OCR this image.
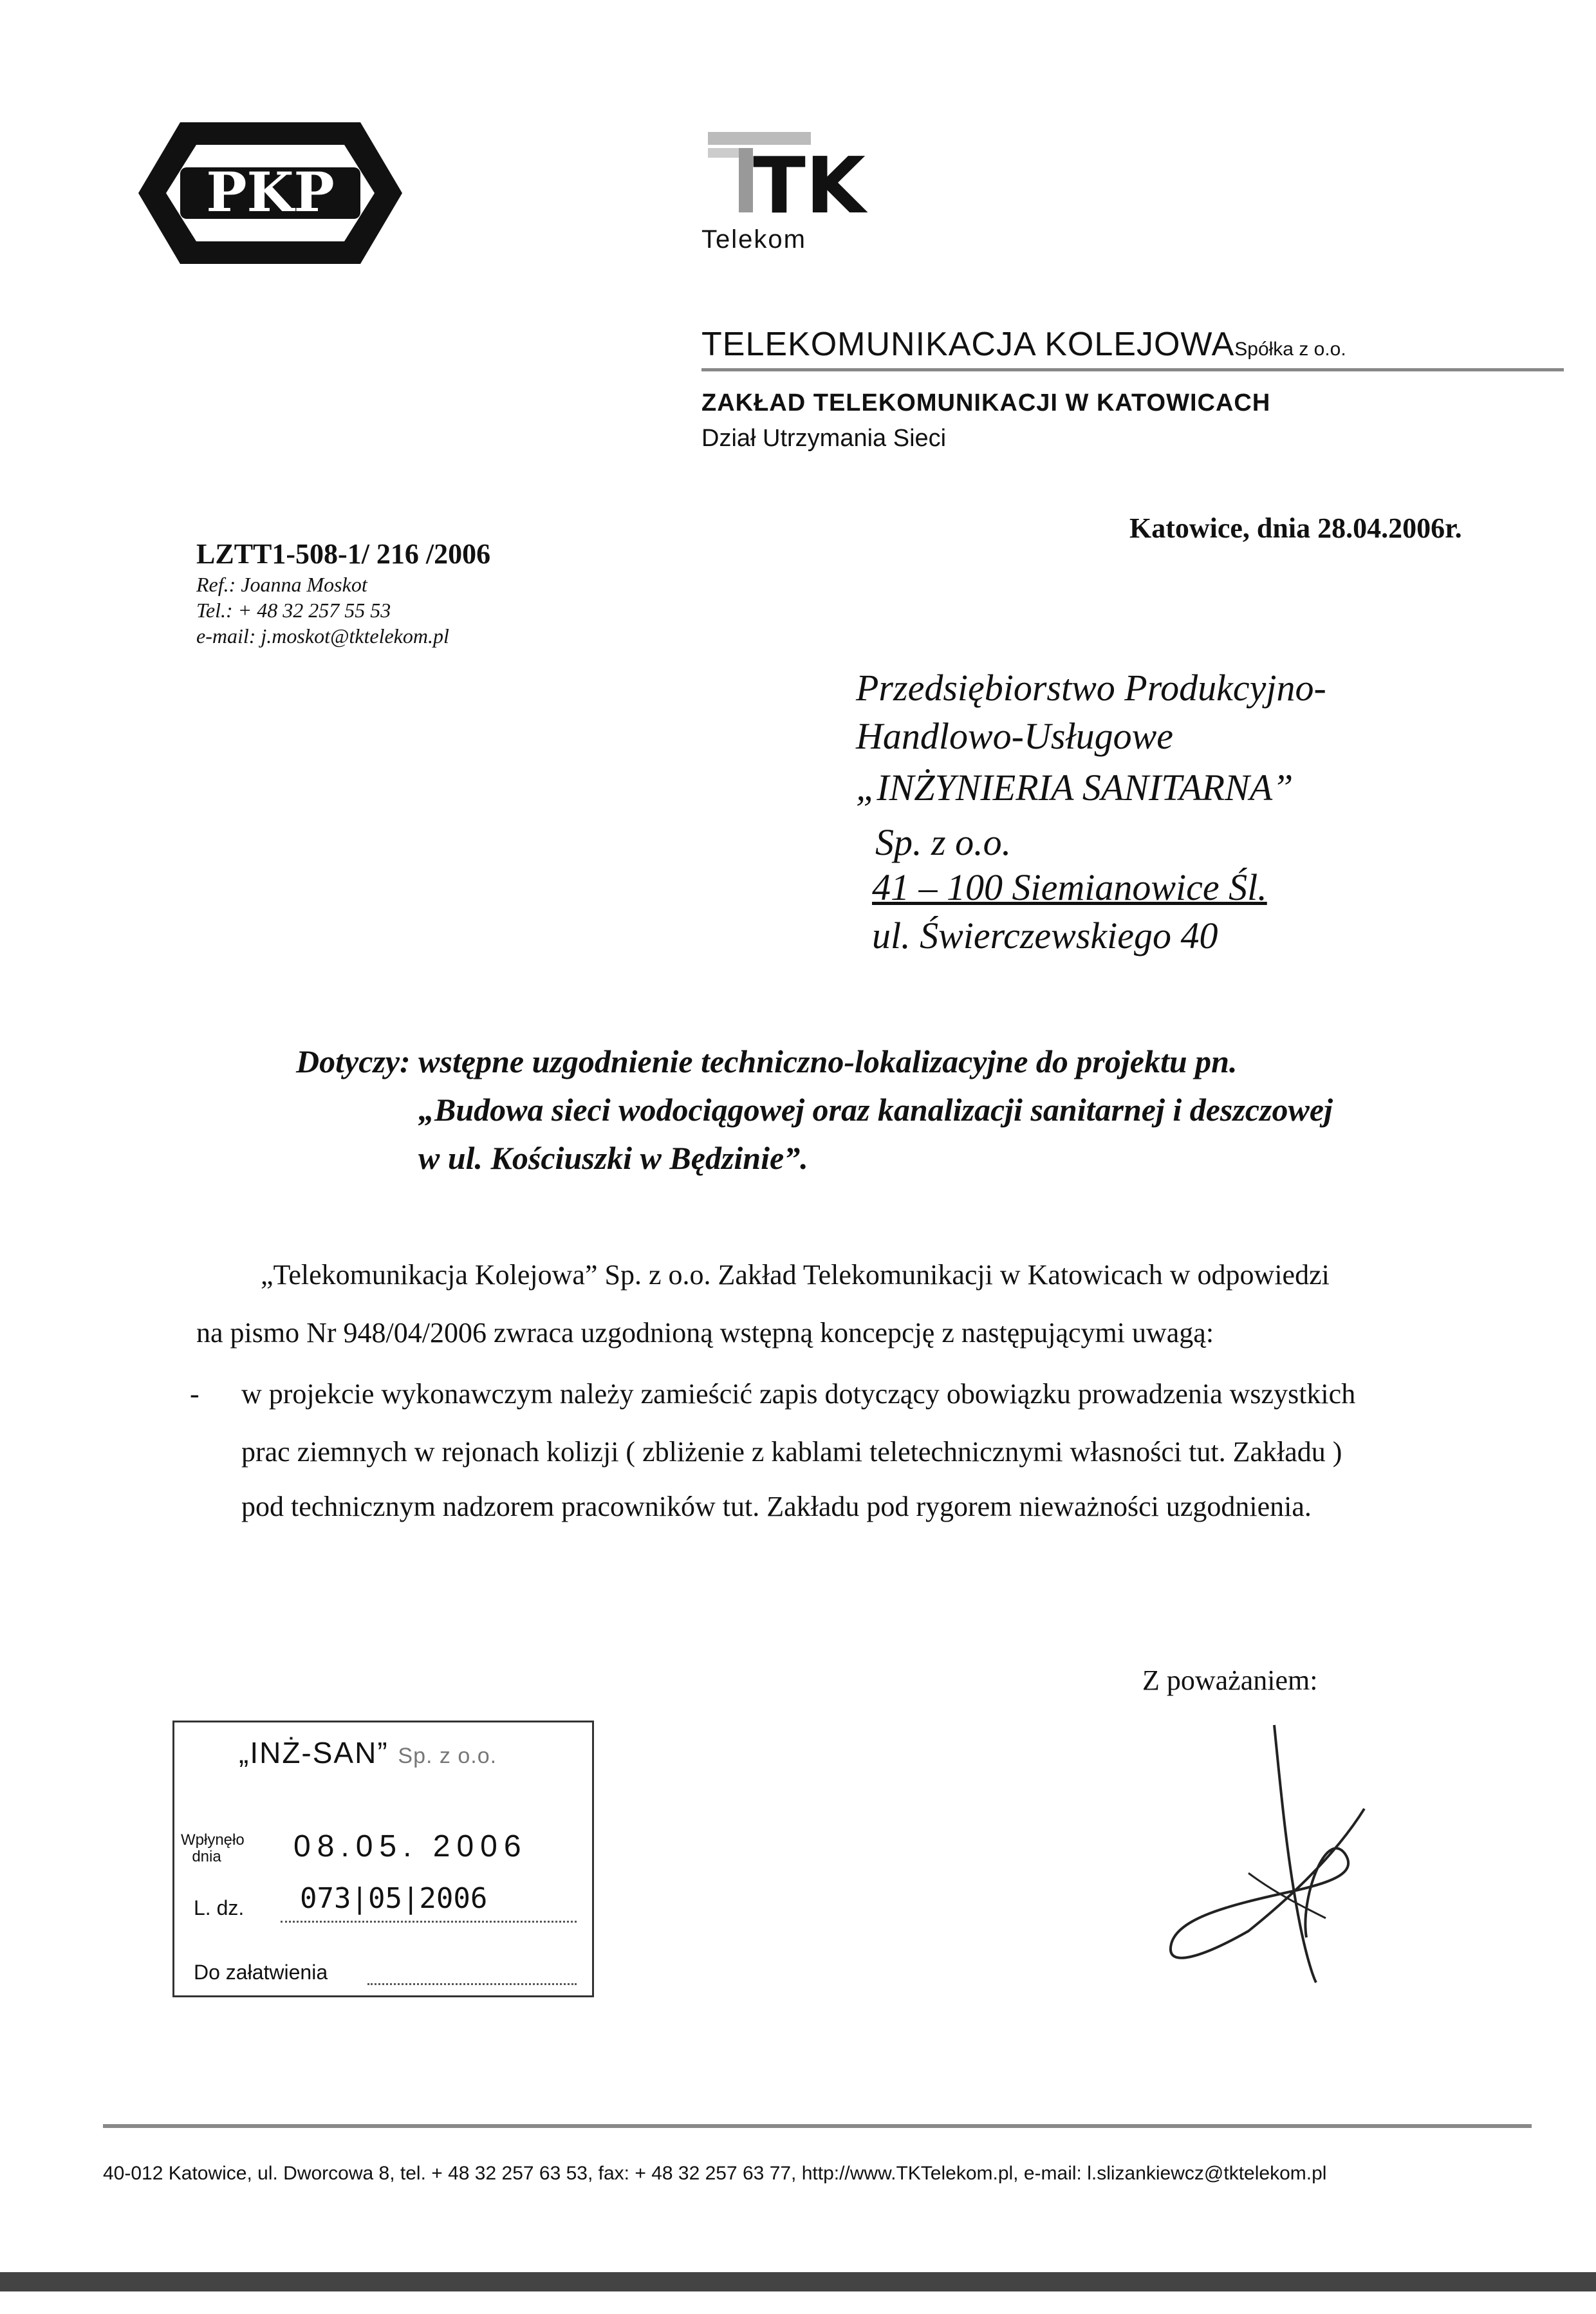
PKP	TK
Telekom
TELEKOMUNIKACJA KOLEJOWASpółka z o.o.
ZAKŁAD TELEKOMUNIKACJI W KATOWICACH
Dział Utrzymania Sieci
LZTT1-508-1/ 216 /2006
Ref.: Joanna Moskot
Tel.: + 48 32 257 55 53
e-mail: j.moskot@tktelekom.pl
Katowice, dnia 28.04.2006r.
Przedsiębiorstwo Produkcyjno-
Handlowo-Usługowe
„INŻYNIERIA SANITARNA”
Sp. z o.o.
41 – 100 Siemianowice Śl.
ul. Świerczewskiego 40
Dotyczy: wstępne uzgodnienie techniczno-lokalizacyjne do projektu pn.
„Budowa sieci wodociągowej oraz kanalizacji sanitarnej i deszczowej
w ul. Kościuszki w Będzinie”.
„Telekomunikacja Kolejowa” Sp. z o.o. Zakład Telekomunikacji w Katowicach w odpowiedzi
na pismo Nr 948/04/2006 zwraca uzgodnioną wstępną koncepcję z następującymi uwagą:
- w projekcie wykonawczym należy zamieścić zapis dotyczący obowiązku prowadzenia wszystkich
prac ziemnych w rejonach kolizji ( zbliżenie z kablami teletechnicznymi własności tut. Zakładu )
pod technicznym nadzorem pracowników tut. Zakładu pod rygorem nieważności uzgodnienia.
Z poważaniem:
„INŻ-SAN” Sp. z o.o.
Wpłynęło dnia	08.05. 2006
L. dz. 073|05|2006
Do załatwienia
40-012 Katowice, ul. Dworcowa 8, tel. + 48 32 257 63 53, fax: + 48 32 257 63 77, http://www.TKTelekom.pl, e-mail: l.slizankiewcz@tktelekom.pl
